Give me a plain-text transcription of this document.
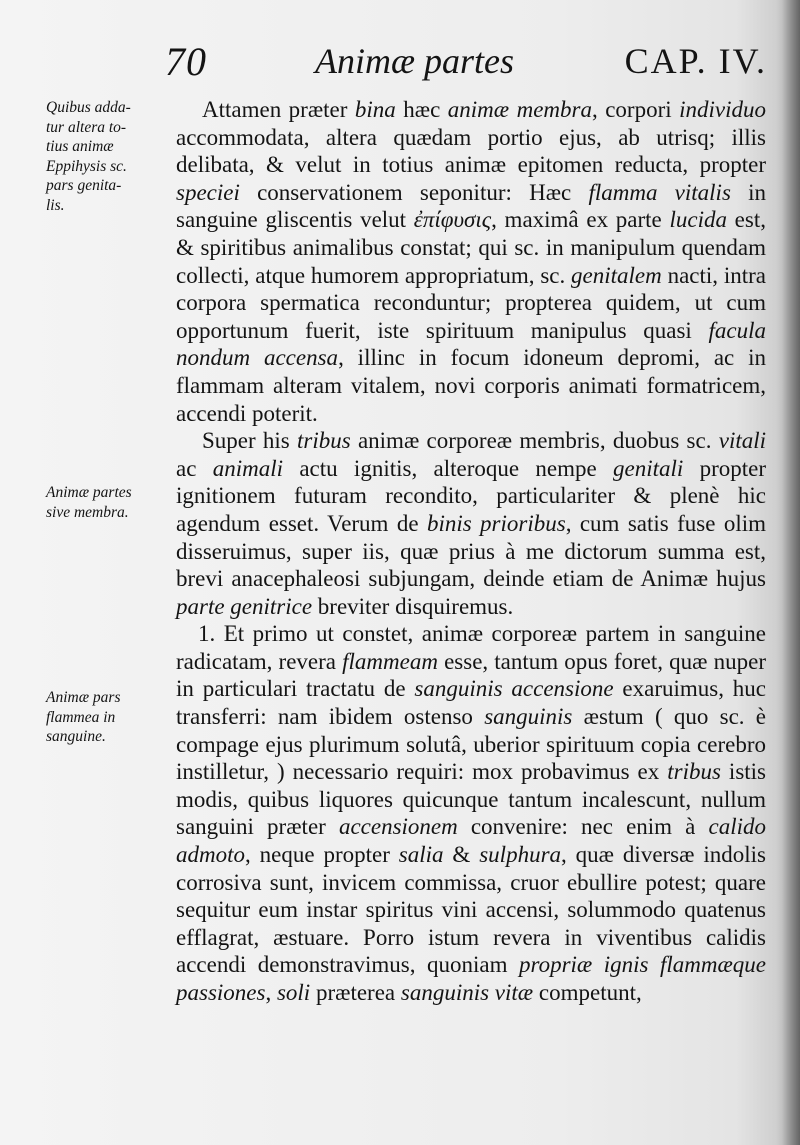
70	Animæ partes	CAP. IV.
Quibus adda-
tur altera to-
tius animæ
Eppihysis sc.
pars genita-
lis.
Animæ partes
sive membra.
Animæ pars
flammea in
sanguine.

Attamen præter bina hæc animæ membra, corpori individuo accommodata, altera quædam portio ejus, ab utrisq; illis delibata, & velut in totius animæ epitomen reducta, propter speciei conservationem seponitur: Hæc flamma vitalis in sanguine gliscentis velut ἐπίφυσις, maximâ ex parte lucida est, & spiritibus animalibus constat; qui sc. in manipulum quendam collecti, atque humorem appropriatum, sc. genitalem nacti, intra corpora spermatica reconduntur; propterea quidem, ut cum opportunum fuerit, iste spirituum manipulus quasi facula nondum accensa, illinc in focum idoneum depromi, ac in flammam alteram vitalem, novi corporis animati formatricem, accendi poterit.

Super his tribus animæ corporeæ membris, duobus sc. vitali ac animali actu ignitis, alteroque nempe genitali propter ignitionem futuram recondito, particulariter & plenè hic agendum esset. Verum de binis prioribus, cum satis fuse olim disseruimus, super iis, quæ prius à me dictorum summa est, brevi anacephaleosi subjungam, deinde etiam de Animæ hujus parte genitrice breviter disquiremus.

1. Et primo ut constet, animæ corporeæ partem in sanguine radicatam, revera flammeam esse, tantum opus foret, quæ nuper in particulari tractatu de sanguinis accensione exaruimus, huc transferri: nam ibidem ostenso sanguinis æstum ( quo sc. è compage ejus plurimum solutâ, uberior spirituum copia cerebro instilletur, ) necessario requiri: mox probavimus ex tribus istis modis, quibus liquores quicunque tantum incalescunt, nullum sanguini præter accensionem convenire: nec enim à calido admoto, neque propter salia & sulphura, quæ diversæ indolis corrosiva sunt, invicem commissa, cruor ebullire potest; quare sequitur eum instar spiritus vini accensi, solummodo quatenus efflagrat, æstuare. Porro istum revera in viventibus calidis accendi demonstravimus, quoniam propriæ ignis flammæque passiones, soli præterea sanguinis vitæ competunt,
